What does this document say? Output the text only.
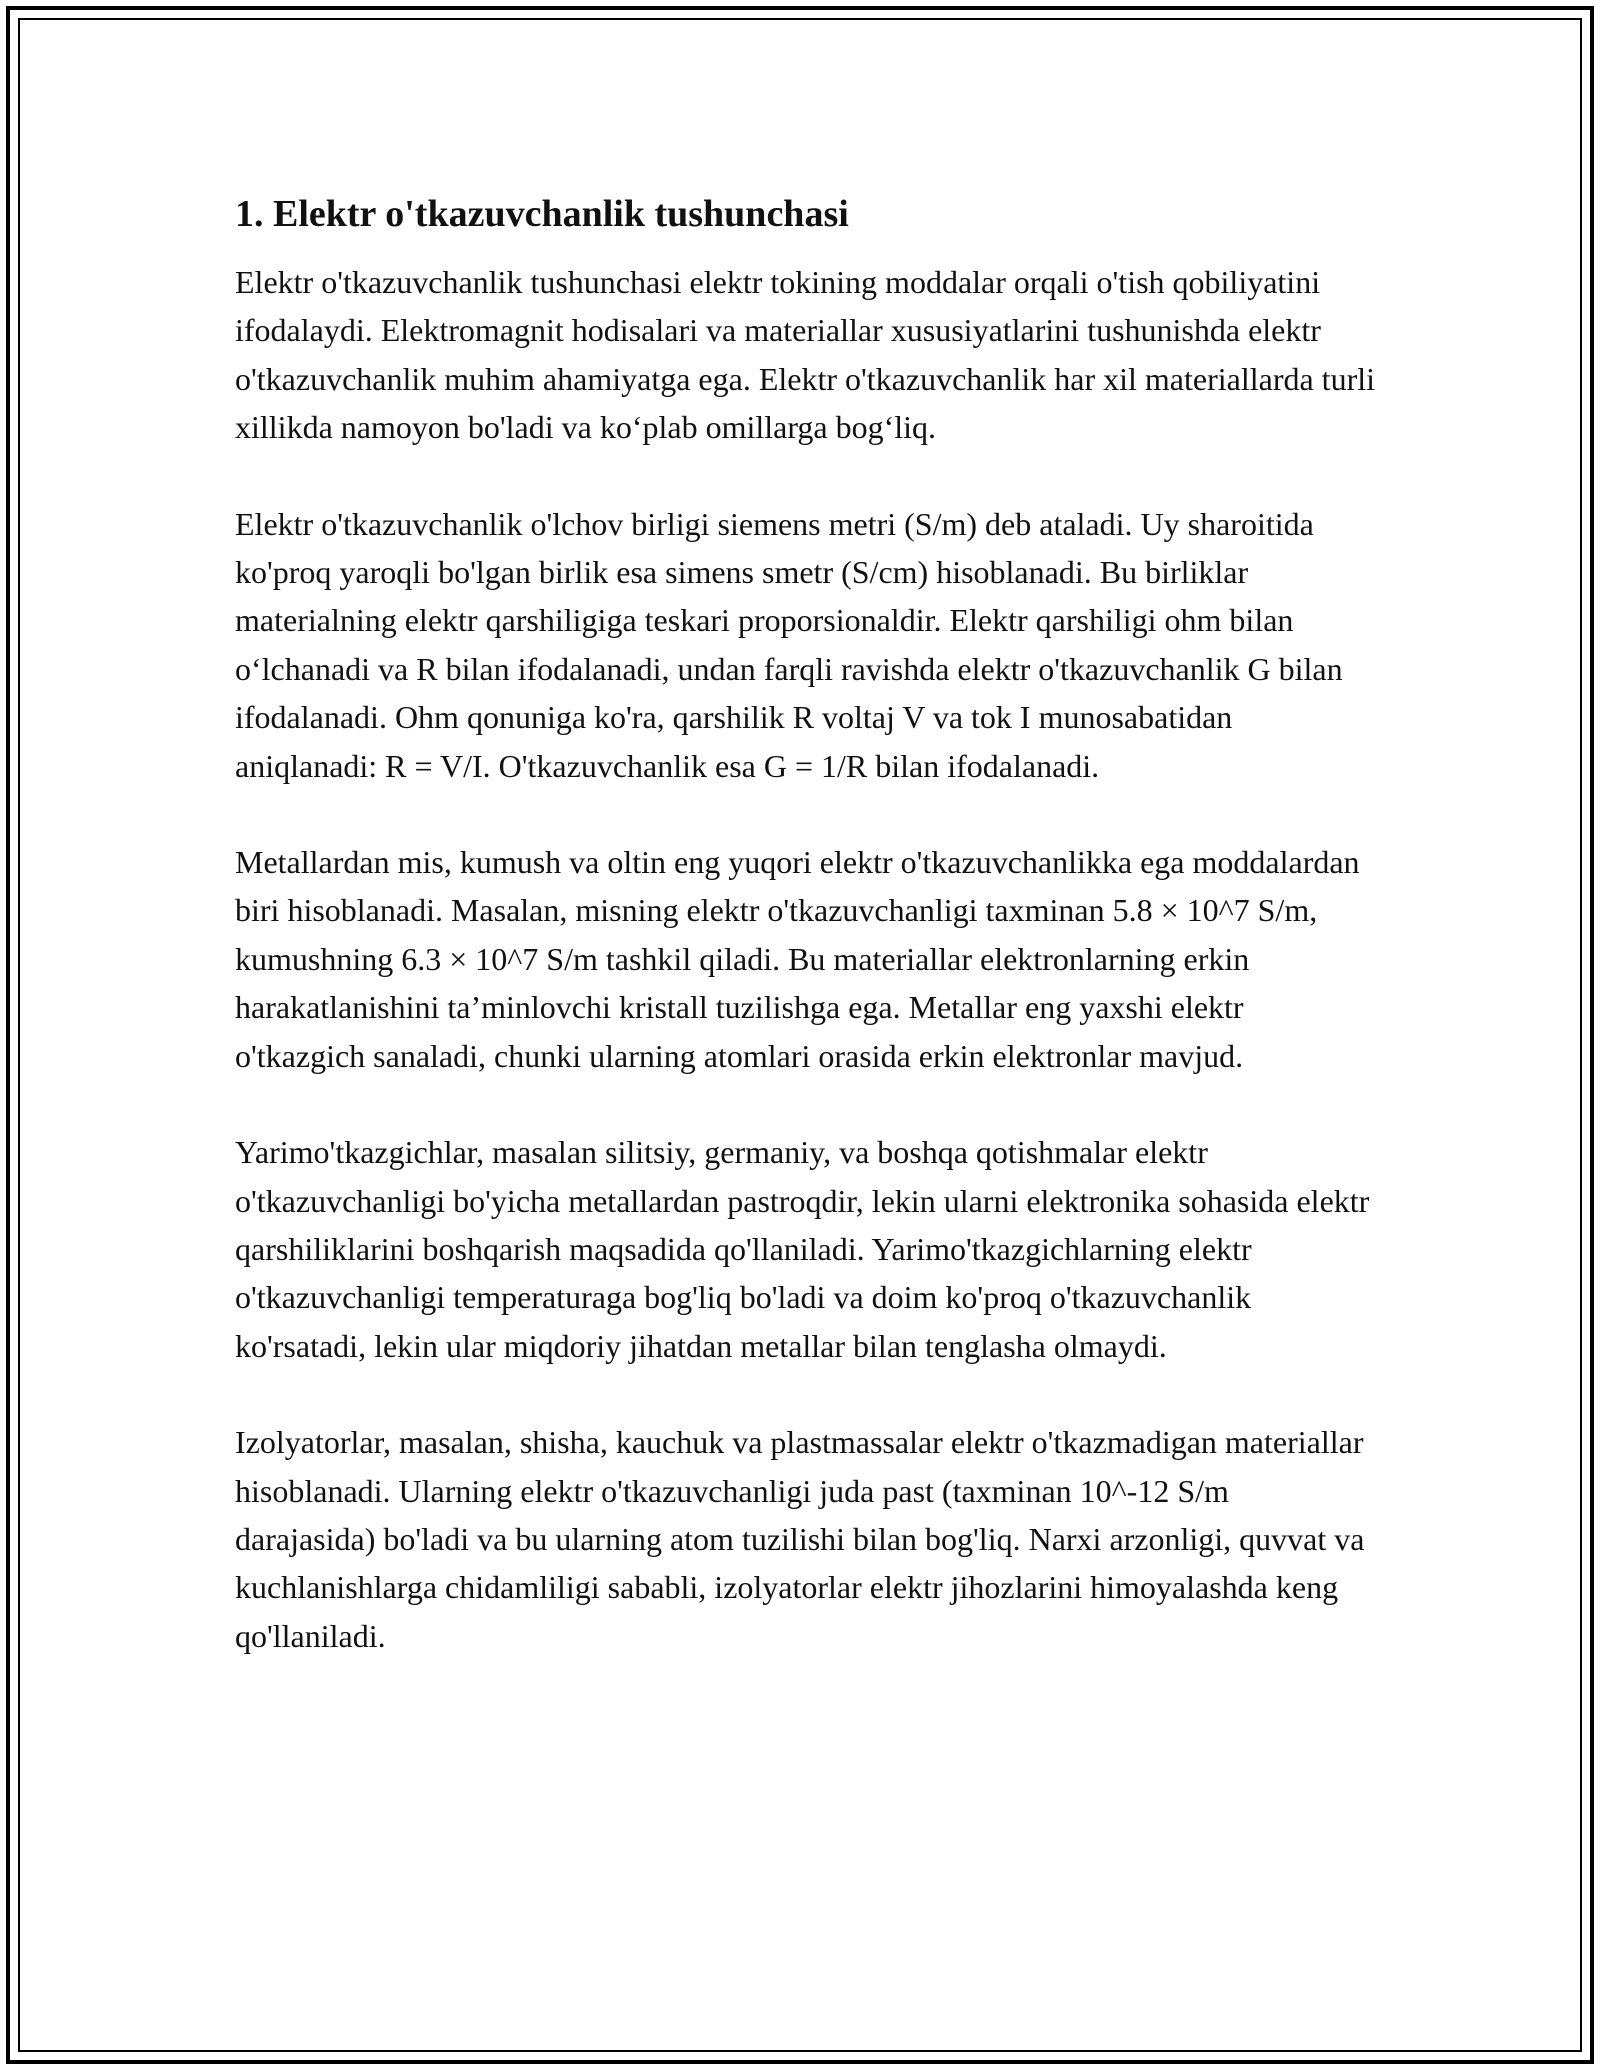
1. Elektr o'tkazuvchanlik tushunchasi

Elektr o'tkazuvchanlik tushunchasi elektr tokining moddalar orqali o'tish qobiliyatini ifodalaydi. Elektromagnit hodisalari va materiallar xususiyatlarini tushunishda elektr o'tkazuvchanlik muhim ahamiyatga ega. Elektr o'tkazuvchanlik har xil materiallarda turli xillikda namoyon bo'ladi va ko‘plab omillarga bog‘liq.

Elektr o'tkazuvchanlik o'lchov birligi siemens metri (S/m) deb ataladi. Uy sharoitida ko'proq yaroqli bo'lgan birlik esa simens smetr (S/cm) hisoblanadi. Bu birliklar materialning elektr qarshiligiga teskari proporsionaldir. Elektr qarshiligi ohm bilan o‘lchanadi va R bilan ifodalanadi, undan farqli ravishda elektr o'tkazuvchanlik G bilan ifodalanadi. Ohm qonuniga ko'ra, qarshilik R voltaj V va tok I munosabatidan aniqlanadi: R = V/I. O'tkazuvchanlik esa G = 1/R bilan ifodalanadi.

Metallardan mis, kumush va oltin eng yuqori elektr o'tkazuvchanlikka ega moddalardan biri hisoblanadi. Masalan, misning elektr o'tkazuvchanligi taxminan 5.8 × 10^7 S/m, kumushning 6.3 × 10^7 S/m tashkil qiladi. Bu materiallar elektronlarning erkin harakatlanishini ta’minlovchi kristall tuzilishga ega. Metallar eng yaxshi elektr o'tkazgich sanaladi, chunki ularning atomlari orasida erkin elektronlar mavjud.

Yarimo'tkazgichlar, masalan silitsiy, germaniy, va boshqa qotishmalar elektr o'tkazuvchanligi bo'yicha metallardan pastroqdir, lekin ularni elektronika sohasida elektr qarshiliklarini boshqarish maqsadida qo'llaniladi. Yarimo'tkazgichlarning elektr o'tkazuvchanligi temperaturaga bog'liq bo'ladi va doim ko'proq o'tkazuvchanlik ko'rsatadi, lekin ular miqdoriy jihatdan metallar bilan tenglasha olmaydi.

Izolyatorlar, masalan, shisha, kauchuk va plastmassalar elektr o'tkazmadigan materiallar hisoblanadi. Ularning elektr o'tkazuvchanligi juda past (taxminan 10^-12 S/m darajasida) bo'ladi va bu ularning atom tuzilishi bilan bog'liq. Narxi arzonligi, quvvat va kuchlanishlarga chidamliligi sababli, izolyatorlar elektr jihozlarini himoyalashda keng qo'llaniladi.
